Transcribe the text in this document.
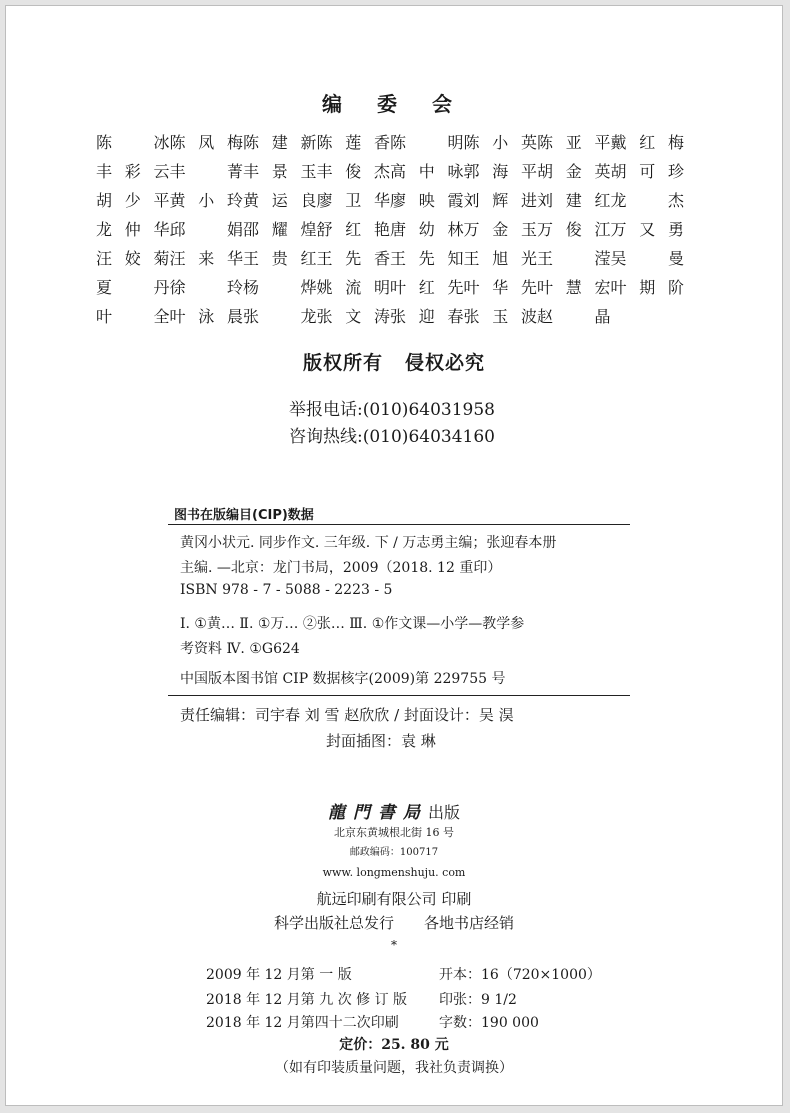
编 委 会
陈 冰 陈凤梅 陈建新 陈莲香 陈 明 陈小英 陈亚平 戴红梅
丰彩云 丰 菁 丰景玉 丰俊杰 高中咏 郭海平 胡金英 胡可珍
胡少平 黄小玲 黄运良 廖卫华 廖映霞 刘辉进 刘建红 龙 杰
龙仲华 邱 娟 邵耀煌 舒红艳 唐幼林 万金玉 万俊江 万又勇
汪姣菊 汪来华 王贵红 王先香 王先知 王旭光 王 滢 吴 曼
夏 丹 徐 玲 杨 烨 姚流明 叶红先 叶华先 叶慧宏 叶期阶
叶 全 叶泳晨 张 龙 张文涛 张迎春 张玉波 赵 晶
版权所有 侵权必究
举报电话:(010)64031958
咨询热线:(010)64034160
图书在版编目(CIP)数据
黄冈小状元. 同步作文. 三年级. 下 / 万志勇主编；张迎春本册
主编. —北京：龙门书局，2009（2018. 12 重印）
ISBN 978 - 7 - 5088 - 2223 - 5
Ⅰ. ①黄… Ⅱ. ①万… ②张… Ⅲ. ①作文课—小学—教学参
考资料 Ⅳ. ①G624
中国版本图书馆 CIP 数据核字(2009)第 229755 号
责任编辑：司宇春 刘 雪 赵欣欣 / 封面设计：吴 淏
封面插图：袁 琳
龍門書局出版
北京东黄城根北街 16 号
邮政编码：100717
www. longmenshuju. com
航远印刷有限公司 印刷
科学出版社总发行 各地书店经销
*
2009 年 12 月第 一 版
2018 年 12 月第 九 次 修 订 版
2018 年 12 月第四十二次印刷
开本：16（720×1000）
印张：9 1/2
字数：190 000
定价：25. 80 元
（如有印装质量问题，我社负责调换）
